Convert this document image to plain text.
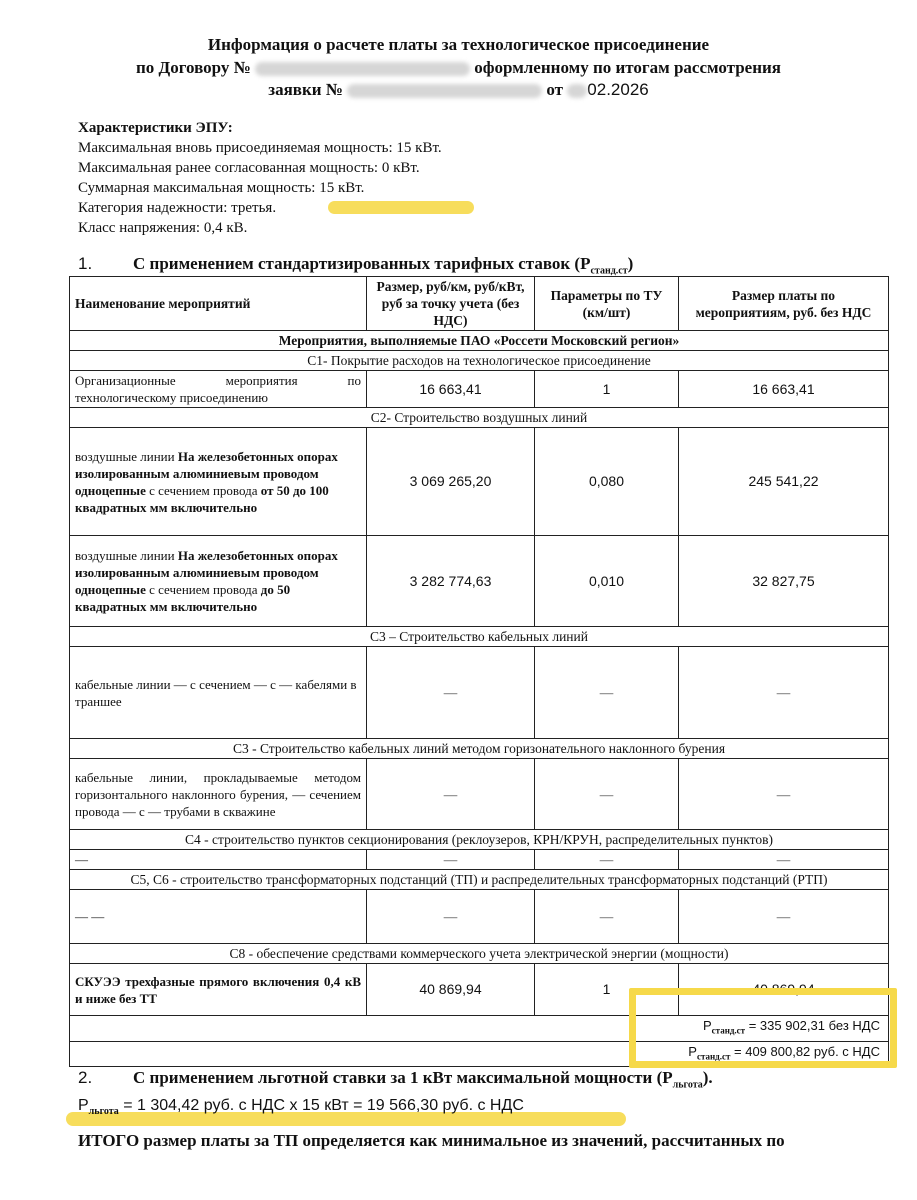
Информация о расчете платы за технологическое присоединение
по Договору №	оформленному по итогам рассмотрения
заявки №	от 02.2026
Характеристики ЭПУ:
Максимальная вновь присоединяемая мощность: 15 кВт.
Максимальная ранее согласованная мощность: 0 кВт.
Суммарная максимальная мощность: 15 кВт.
Категория надежности: третья.
Класс напряжения: 0,4 кВ.
1. С применением стандартизированных тарифных ставок $(Р_{станд.ст})$
Наименование мероприятий	Размер, руб/км, руб/кВт, руб за точку учета (без НДС)	Параметры по ТУ (км/шт)	Размер платы по мероприятиям, руб. без НДС
Мероприятия, выполняемые ПАО «Россети Московский регион»			
С1- Покрытие расходов на технологическое присоединение			
Организационные мероприятия по технологическому присоединению	16 663,41	1	16 663,41
С2- Строительство воздушных линий			
воздушные линии На железобетонных опорах изолированным алюминиевым проводом одноцепные с сечением провода от 50 до 100 квадратных мм включительно	3 069 265,20	0,080	245 541,22
воздушные линии На железобетонных опорах изолированным алюминиевым проводом одноцепные с сечением провода до 50 квадратных мм включительно	3 282 774,63	0,010	32 827,75
С3 – Строительство кабельных линий			
кабельные линии — с сечением — с — кабелями в траншее	—	—	—
С3 - Строительство кабельных линий методом горизонательного наклонного бурения			
кабельные линии, прокладываемые методом горизонтального наклонного бурения, — сечением провода — с — трубами в скважине	—	—	—
С4 - строительство пунктов секционирования (реклоузеров, КРН/КРУН, распределительных пунктов)			
—	—	—	—
С5, С6 - строительство трансформаторных подстанций (ТП) и распределительных трансформаторных подстанций (РТП)			
— —	—	—	—
С8 - обеспечение средствами коммерческого учета электрической энергии (мощности)			
СКУЭЭ трехфазные прямого включения 0,4 кВ и ниже без ТТ	40 869,94	1	40 869,94
$Р_{станд.ст} = 335$ 902,31 без НДС			
$Р_{станд.ст} = 409$ 800,82 руб. с НДС			
2. С применением льготной ставки за 1 кВт максимальной мощности $(Р_{льгота})$.
$Р_{льгота} = 1$ 304,42 руб. с НДС х 15 кВт = 19 566,30 руб. с НДС
ИТОГО размер платы за ТП определяется как минимальное из значений, рассчитанных по
